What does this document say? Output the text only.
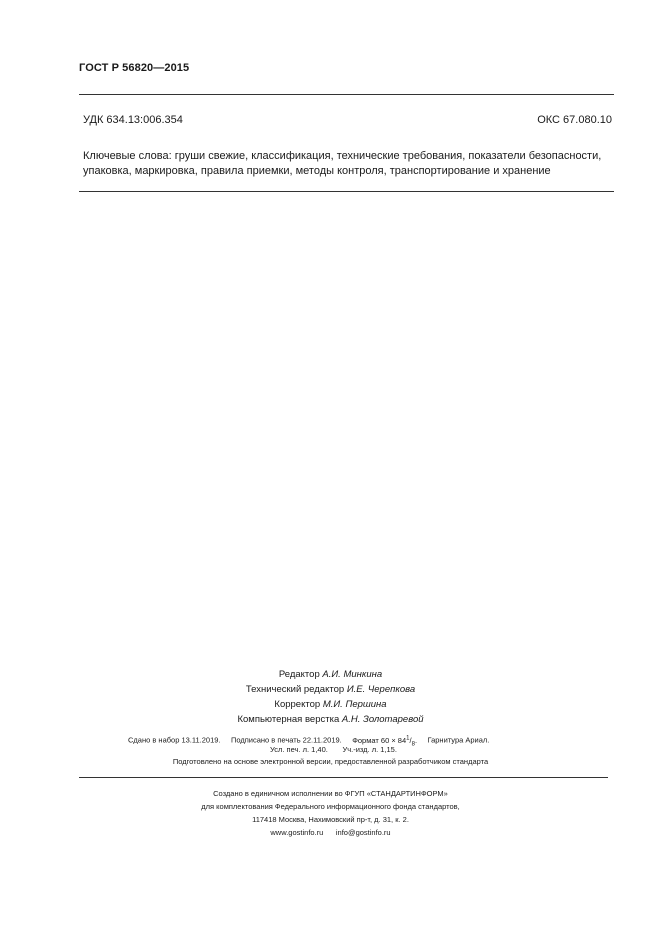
ГОСТ Р 56820—2015
УДК 634.13:006.354	ОКС 67.080.10
Ключевые слова: груши свежие, классификация, технические требования, показатели безопасности,
упаковка, маркировка, правила приемки, методы контроля, транспортирование и хранение
Редактор А.И. Минкина
Технический редактор И.Е. Черепкова
Корректор М.И. Першина
Компьютерная верстка А.Н. Золотаревой
Сдано в набор 13.11.2019. Подписано в печать 22.11.2019. Формат $60 \times 84^1/_8$. Гарнитура Ариал.
Усл. печ. л. 1,40. Уч.-изд. л. 1,15.
Подготовлено на основе электронной версии, предоставленной разработчиком стандарта
Создано в единичном исполнении во ФГУП «СТАНДАРТИНФОРМ»
для комплектования Федерального информационного фонда стандартов,
117418 Москва, Нахимовский пр-т, д. 31, к. 2.
www.gostinfo.ru info@gostinfo.ru
